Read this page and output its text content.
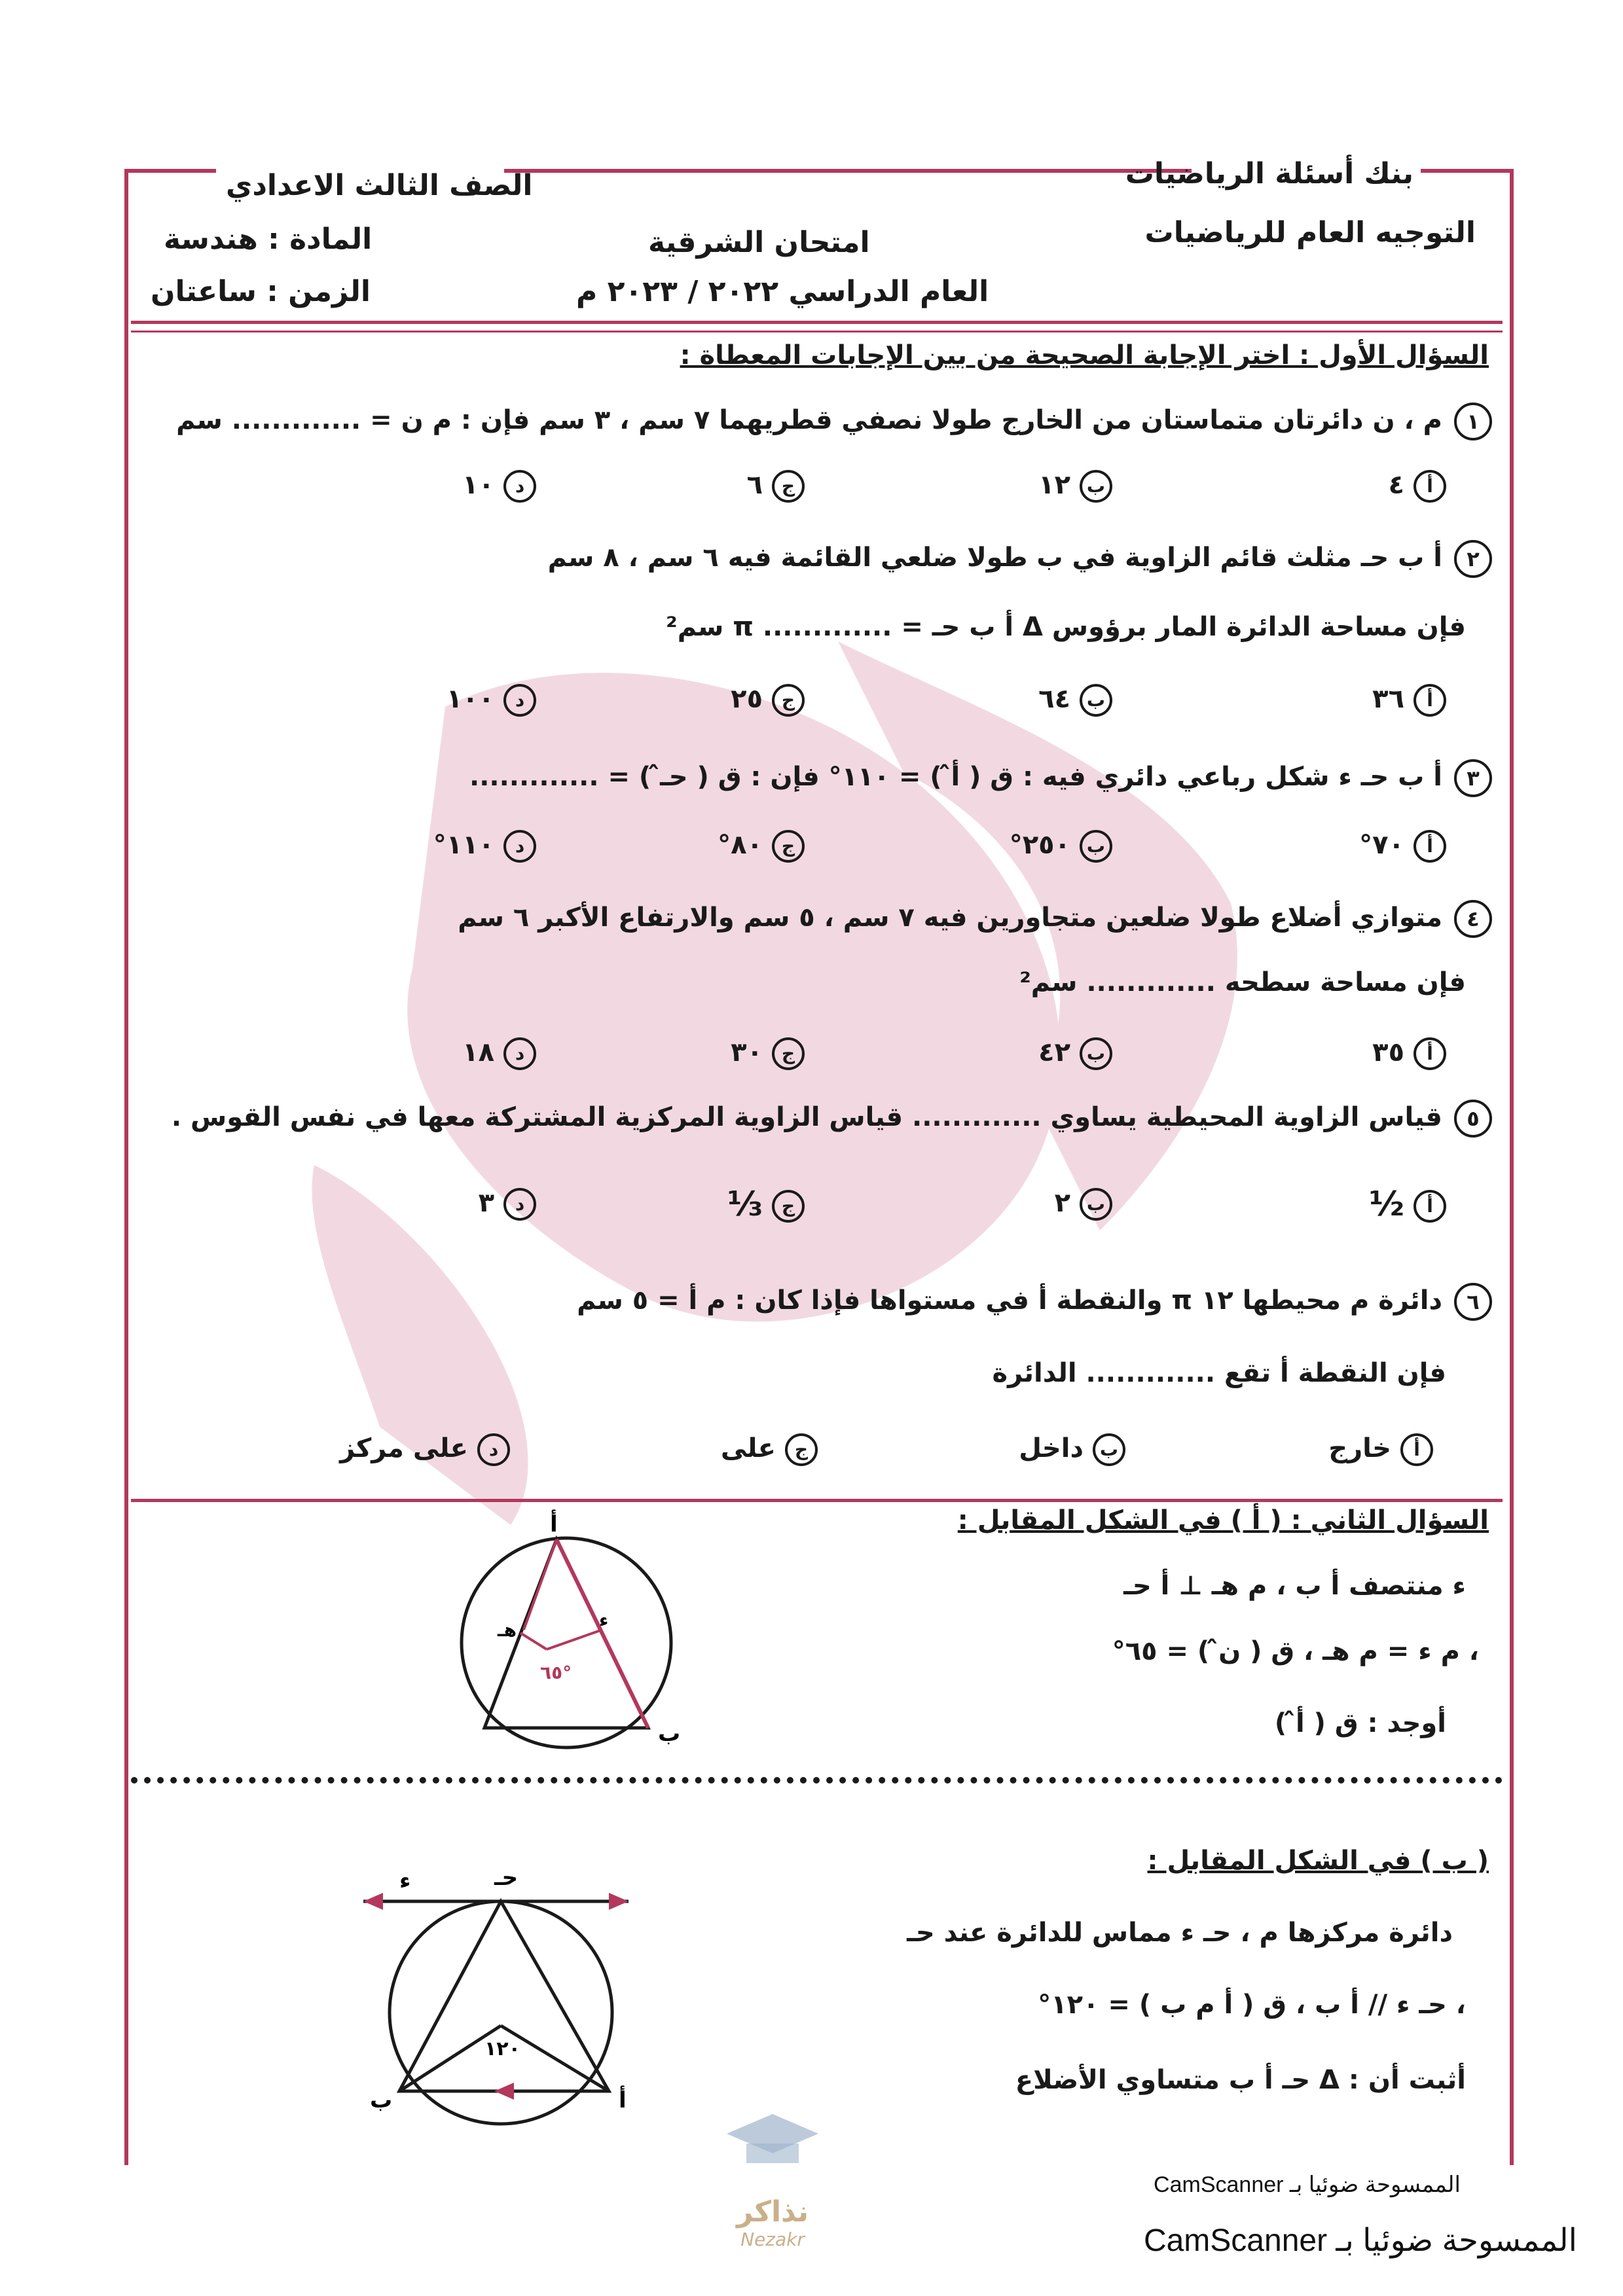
بنك أسئلة الرياضيات
التوجيه العام للرياضيات
الصف الثالث الاعدادي
المادة : هندسة
الزمن : ساعتان
امتحان الشرقية
العام الدراسي ٢٠٢٢ / ٢٠٢٣ م
السؤال الأول : اختر الإجابة الصحيحة من بين الإجابات المعطاة :
١م ، ن دائرتان متماستان من الخارج طولا نصفي قطريهما ٧ سم ، ٣ سم فإن : م ن = ............. سم
أ٤
ب١٢
ج٦
د١٠
٢أ ب حـ مثلث قائم الزاوية في ب طولا ضلعي القائمة فيه ٦ سم ، ٨ سم
فإن مساحة الدائرة المار برؤوس Δ أ ب حـ = ............. π سم²
أ٣٦
ب٦٤
ج٢٥
د١٠٠
٣أ ب حـ ء شكل رباعي دائري فيه : ق ( أ̂ ) = ١١٠° فإن : ق ( حـ̂ ) = .............
أ٧٠°
ب٢٥٠°
ج٨٠°
د١١٠°
٤متوازي أضلاع طولا ضلعين متجاورين فيه ٧ سم ، ٥ سم والارتفاع الأكبر ٦ سم
فإن مساحة سطحه ............. سم²
أ٣٥
ب٤٢
ج٣٠
د١٨
٥قياس الزاوية المحيطية يساوي ............. قياس الزاوية المركزية المشتركة معها في نفس القوس .
أ½
ب٢
ج⅓
د٣
٦دائرة م محيطها ١٢ π والنقطة أ في مستواها فإذا كان : م أ = ٥ سم
فإن النقطة أ تقع ............. الدائرة
أخارج
بداخل
جعلى
دعلى مركز
السؤال الثاني : ( أ ) في الشكل المقابل :
ء منتصف أ ب ، م هـ ⊥ أ حـ
، م ء = م هـ ، ق ( ن̂ ) = ٦٥°
أوجد : ق ( أ̂ )
أ
ب
ء
هـ
٦٥°
( ب ) في الشكل المقابل :
دائرة مركزها م ، حـ ء مماس للدائرة عند حـ
، حـ ء // أ ب ، ق ( أ م ب ) = ١٢٠°
أثبت أن : Δ حـ أ ب متساوي الأضلاع
حـ
ء
ب	أ
١٢٠
نذاكر
Nezakr
الممسوحة ضوئيا بـ CamScanner
الممسوحة ضوئيا بـ CamScanner
